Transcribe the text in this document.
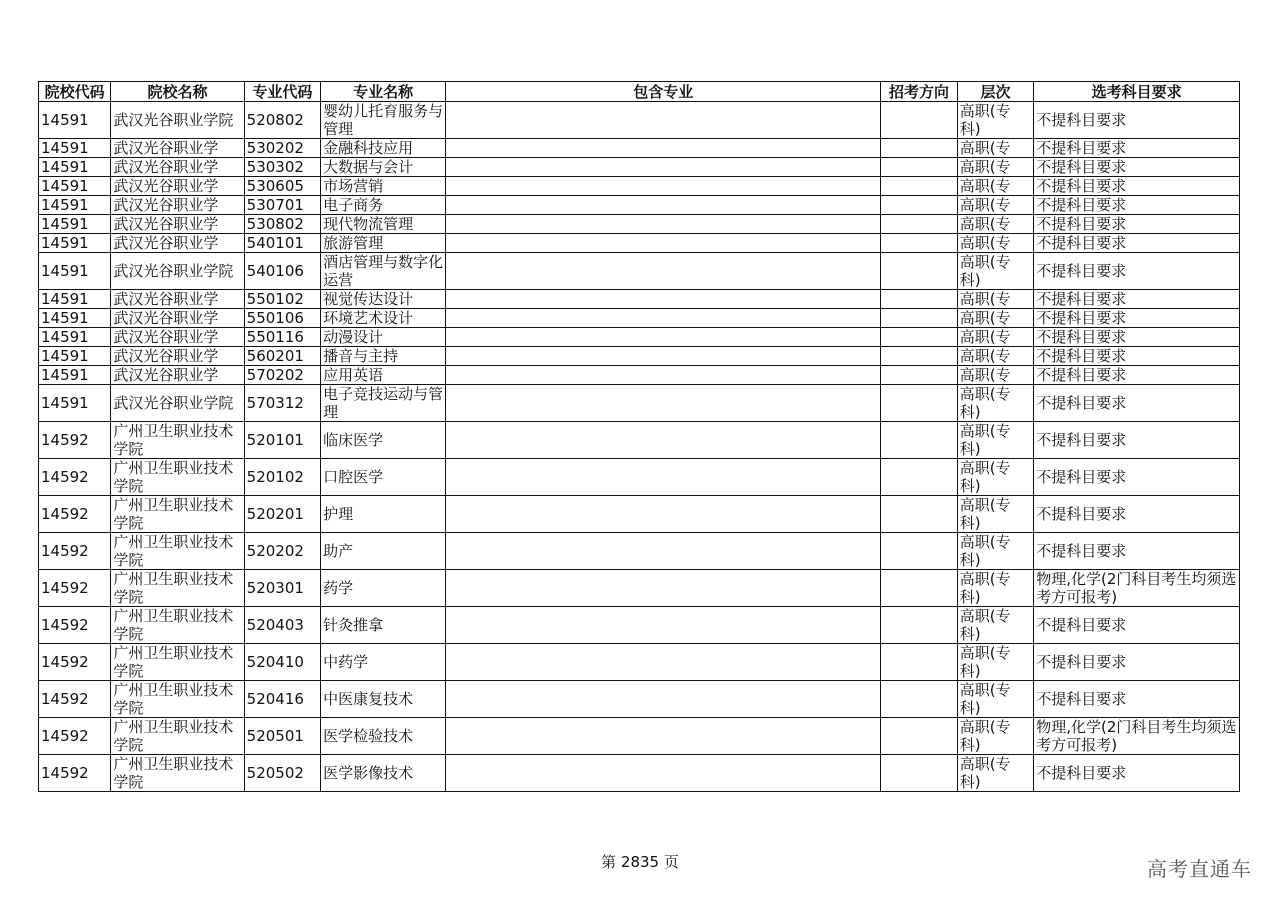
院校代码	院校名称	专业代码	专业名称	包含专业	招考方向	层次	选考科目要求
14591	武汉光谷职业学院	520802	婴幼儿托育服务与管理			高职(专科)	不提科目要求
14591	武汉光谷职业学	530202	金融科技应用			高职(专	不提科目要求
14591	武汉光谷职业学	530302	大数据与会计			高职(专	不提科目要求
14591	武汉光谷职业学	530605	市场营销			高职(专	不提科目要求
14591	武汉光谷职业学	530701	电子商务			高职(专	不提科目要求
14591	武汉光谷职业学	530802	现代物流管理			高职(专	不提科目要求
14591	武汉光谷职业学	540101	旅游管理			高职(专	不提科目要求
14591	武汉光谷职业学院	540106	酒店管理与数字化运营			高职(专科)	不提科目要求
14591	武汉光谷职业学	550102	视觉传达设计			高职(专	不提科目要求
14591	武汉光谷职业学	550106	环境艺术设计			高职(专	不提科目要求
14591	武汉光谷职业学	550116	动漫设计			高职(专	不提科目要求
14591	武汉光谷职业学	560201	播音与主持			高职(专	不提科目要求
14591	武汉光谷职业学	570202	应用英语			高职(专	不提科目要求
14591	武汉光谷职业学院	570312	电子竞技运动与管理			高职(专科)	不提科目要求
14592	广州卫生职业技术学院	520101	临床医学			高职(专科)	不提科目要求
14592	广州卫生职业技术学院	520102	口腔医学			高职(专科)	不提科目要求
14592	广州卫生职业技术学院	520201	护理			高职(专科)	不提科目要求
14592	广州卫生职业技术学院	520202	助产			高职(专科)	不提科目要求
14592	广州卫生职业技术学院	520301	药学			高职(专科)	物理,化学(2门科目考生均须选考方可报考)
14592	广州卫生职业技术学院	520403	针灸推拿			高职(专科)	不提科目要求
14592	广州卫生职业技术学院	520410	中药学			高职(专科)	不提科目要求
14592	广州卫生职业技术学院	520416	中医康复技术			高职(专科)	不提科目要求
14592	广州卫生职业技术学院	520501	医学检验技术			高职(专科)	物理,化学(2门科目考生均须选考方可报考)
14592	广州卫生职业技术学院	520502	医学影像技术			高职(专科)	不提科目要求
第 2835 页	高考直通车
